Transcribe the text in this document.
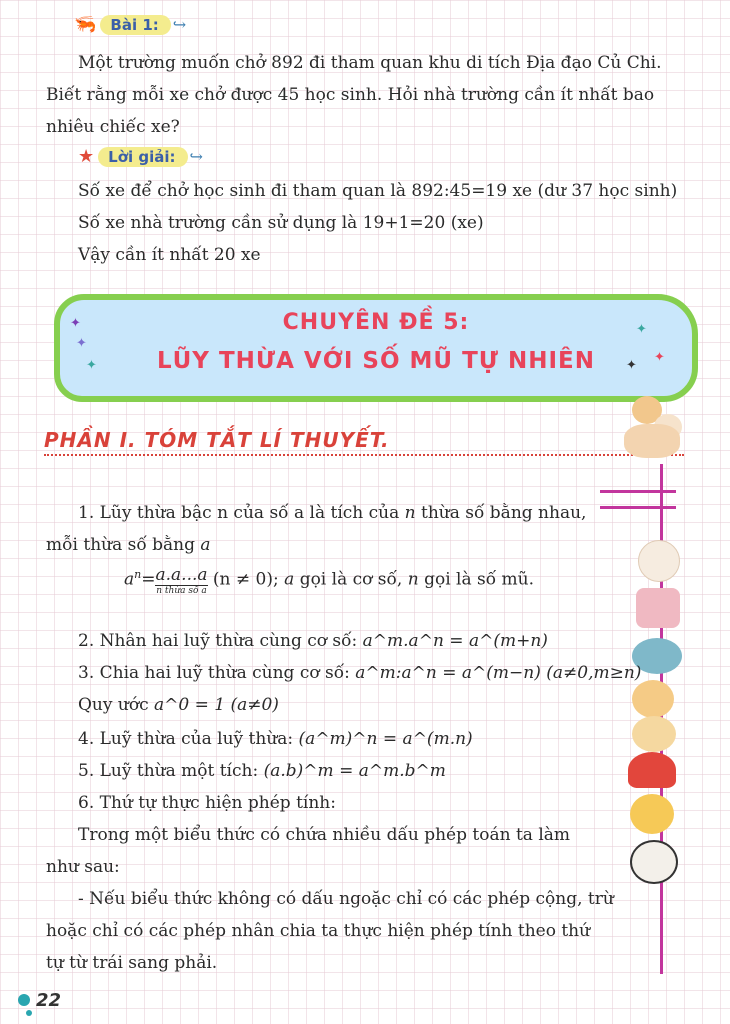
🦐 Bài 1: ↪
Một trường muốn chở 892 đi tham quan khu di tích Địa đạo Củ Chi.
Biết rằng mỗi xe chở được 45 học sinh. Hỏi nhà trường cần ít nhất bao
nhiêu chiếc xe?
★ Lời giải: ↪
Số xe để chở học sinh đi tham quan là 892:45=19 xe (dư 37 học sinh)
Số xe nhà trường cần sử dụng là 19+1=20 (xe)
Vậy cần ít nhất 20 xe
CHUYÊN ĐỀ 5:
LŨY THỪA VỚI SỐ MŨ TỰ NHIÊN
✦
✦
✦
✦
✦
✦
PHẦN I. TÓM TẮT LÍ THUYẾT.
1. Lũy thừa bậc n của số a là tích của n thừa số bằng nhau,
mỗi thừa số bằng a
$a^n=a.a...a$
n thừa số a
(n ≠ 0); a gọi là cơ số, n gọi là số mũ.
2. Nhân hai luỹ thừa cùng cơ số: a^m.a^n = a^(m+n)
3. Chia hai luỹ thừa cùng cơ số: a^m:a^n = a^(m−n) (a≠0,m≥n)
Quy ước a^0 = 1 (a≠0)
4. Luỹ thừa của luỹ thừa: (a^m)^n = a^(m.n)
5. Luỹ thừa một tích: (a.b)^m = a^m.b^m
6. Thứ tự thực hiện phép tính:
Trong một biểu thức có chứa nhiều dấu phép toán ta làm
như sau:
- Nếu biểu thức không có dấu ngoặc chỉ có các phép cộng, trừ
hoặc chỉ có các phép nhân chia ta thực hiện phép tính theo thứ
tự từ trái sang phải.
22
